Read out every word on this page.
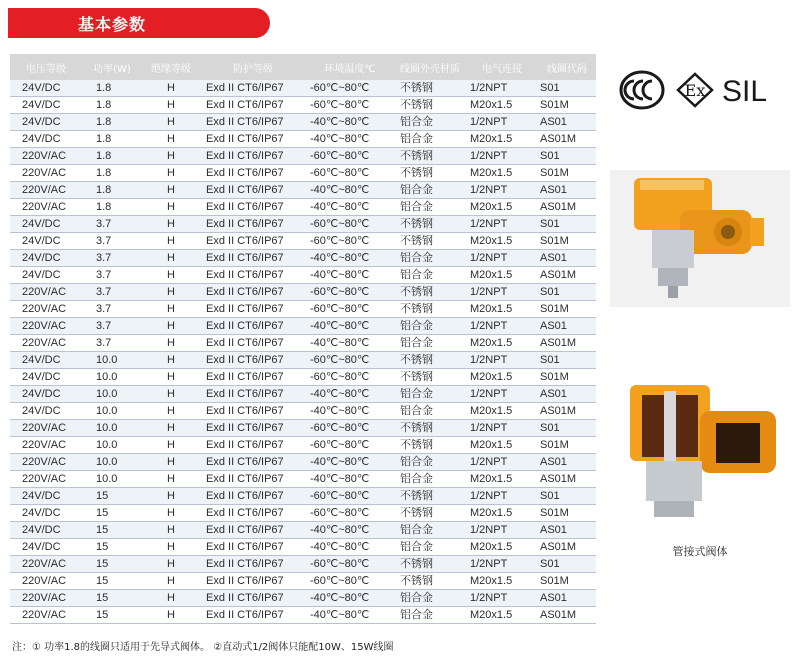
基本参数
电压等级	功率(W)	绝缘等级	防护等级	环境温度℃	线圈外壳材质	电气连接	线圈代码
24V/DC	1.8	H	Exd II CT6/IP67	-60℃~80℃	不锈钢	1/2NPT	S01
24V/DC	1.8	H	Exd II CT6/IP67	-60℃~80℃	不锈钢	M20x1.5	S01M
24V/DC	1.8	H	Exd II CT6/IP67	-40℃~80℃	铝合金	1/2NPT	AS01
24V/DC	1.8	H	Exd II CT6/IP67	-40℃~80℃	铝合金	M20x1.5	AS01M
220V/AC	1.8	H	Exd II CT6/IP67	-60℃~80℃	不锈钢	1/2NPT	S01
220V/AC	1.8	H	Exd II CT6/IP67	-60℃~80℃	不锈钢	M20x1.5	S01M
220V/AC	1.8	H	Exd II CT6/IP67	-40℃~80℃	铝合金	1/2NPT	AS01
220V/AC	1.8	H	Exd II CT6/IP67	-40℃~80℃	铝合金	M20x1.5	AS01M
24V/DC	3.7	H	Exd II CT6/IP67	-60℃~80℃	不锈钢	1/2NPT	S01
24V/DC	3.7	H	Exd II CT6/IP67	-60℃~80℃	不锈钢	M20x1.5	S01M
24V/DC	3.7	H	Exd II CT6/IP67	-40℃~80℃	铝合金	1/2NPT	AS01
24V/DC	3.7	H	Exd II CT6/IP67	-40℃~80℃	铝合金	M20x1.5	AS01M
220V/AC	3.7	H	Exd II CT6/IP67	-60℃~80℃	不锈钢	1/2NPT	S01
220V/AC	3.7	H	Exd II CT6/IP67	-60℃~80℃	不锈钢	M20x1.5	S01M
220V/AC	3.7	H	Exd II CT6/IP67	-40℃~80℃	铝合金	1/2NPT	AS01
220V/AC	3.7	H	Exd II CT6/IP67	-40℃~80℃	铝合金	M20x1.5	AS01M
24V/DC	10.0	H	Exd II CT6/IP67	-60℃~80℃	不锈钢	1/2NPT	S01
24V/DC	10.0	H	Exd II CT6/IP67	-60℃~80℃	不锈钢	M20x1.5	S01M
24V/DC	10.0	H	Exd II CT6/IP67	-40℃~80℃	铝合金	1/2NPT	AS01
24V/DC	10.0	H	Exd II CT6/IP67	-40℃~80℃	铝合金	M20x1.5	AS01M
220V/AC	10.0	H	Exd II CT6/IP67	-60℃~80℃	不锈钢	1/2NPT	S01
220V/AC	10.0	H	Exd II CT6/IP67	-60℃~80℃	不锈钢	M20x1.5	S01M
220V/AC	10.0	H	Exd II CT6/IP67	-40℃~80℃	铝合金	1/2NPT	AS01
220V/AC	10.0	H	Exd II CT6/IP67	-40℃~80℃	铝合金	M20x1.5	AS01M
24V/DC	15	H	Exd II CT6/IP67	-60℃~80℃	不锈钢	1/2NPT	S01
24V/DC	15	H	Exd II CT6/IP67	-60℃~80℃	不锈钢	M20x1.5	S01M
24V/DC	15	H	Exd II CT6/IP67	-40℃~80℃	铝合金	1/2NPT	AS01
24V/DC	15	H	Exd II CT6/IP67	-40℃~80℃	铝合金	M20x1.5	AS01M
220V/AC	15	H	Exd II CT6/IP67	-60℃~80℃	不锈钢	1/2NPT	S01
220V/AC	15	H	Exd II CT6/IP67	-60℃~80℃	不锈钢	M20x1.5	S01M
220V/AC	15	H	Exd II CT6/IP67	-40℃~80℃	铝合金	1/2NPT	AS01
220V/AC	15	H	Exd II CT6/IP67	-40℃~80℃	铝合金	M20x1.5	AS01M
Ex SIL
管接式阀体
注：① 功率1.8的线圈只适用于先导式阀体。 ②直动式1/2阀体只能配10W、15W线圈
